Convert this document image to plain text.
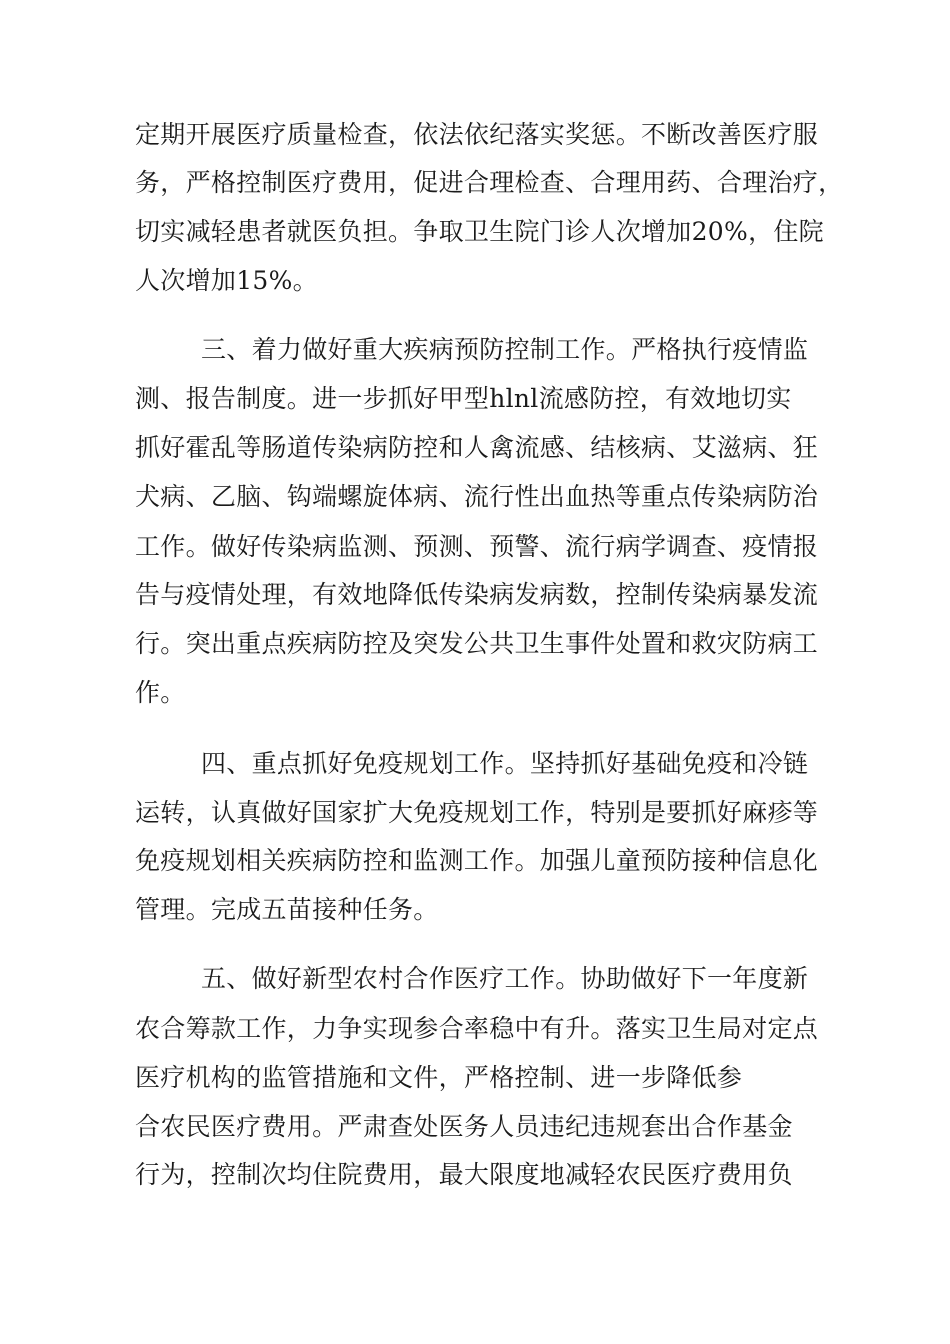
定期开展医疗质量检查，依法依纪落实奖惩。不断改善医疗服
务，严格控制医疗费用，促进合理检查、合理用药、合理治疗，
切实减轻患者就医负担。争取卫生院门诊人次增加20%，住院
人次增加15%。
三、着力做好重大疾病预防控制工作。严格执行疫情监
测、报告制度。进一步抓好甲型hlnl流感防控，有效地切实
抓好霍乱等肠道传染病防控和人禽流感、结核病、艾滋病、狂
犬病、乙脑、钩端螺旋体病、流行性出血热等重点传染病防治
工作。做好传染病监测、预测、预警、流行病学调查、疫情报
告与疫情处理，有效地降低传染病发病数，控制传染病暴发流
行。突出重点疾病防控及突发公共卫生事件处置和救灾防病工
作。
四、重点抓好免疫规划工作。坚持抓好基础免疫和冷链
运转，认真做好国家扩大免疫规划工作，特别是要抓好麻疹等
免疫规划相关疾病防控和监测工作。加强儿童预防接种信息化
管理。完成五苗接种任务。
五、做好新型农村合作医疗工作。协助做好下一年度新
农合筹款工作，力争实现参合率稳中有升。落实卫生局对定点
医疗机构的监管措施和文件，严格控制、进一步降低参
合农民医疗费用。严肃查处医务人员违纪违规套出合作基金
行为，控制次均住院费用，最大限度地减轻农民医疗费用负
